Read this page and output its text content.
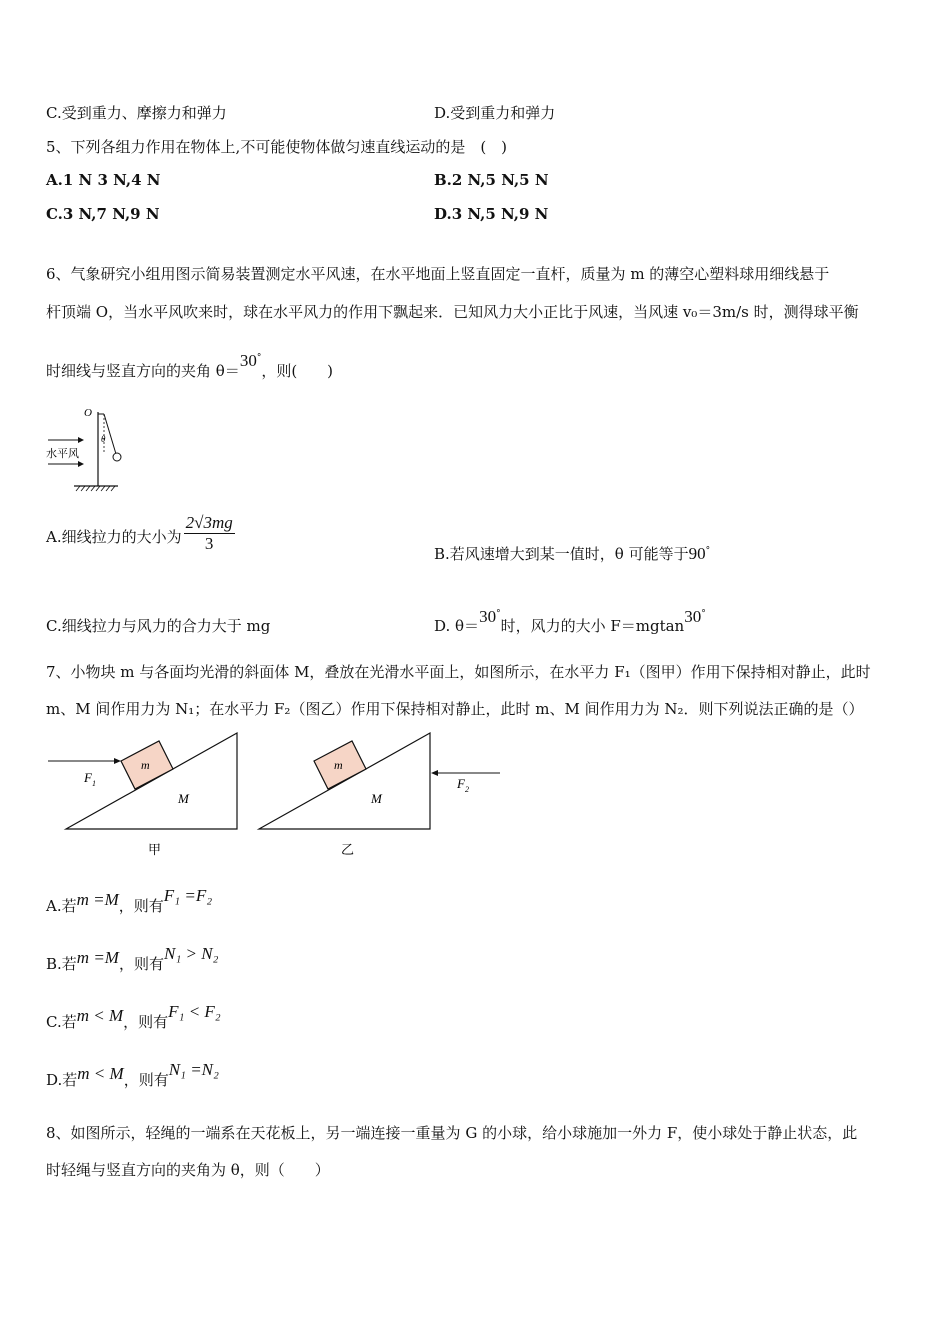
C.受到重力、摩擦力和弹力	D.受到重力和弹力
5、下列各组力作用在物体上,不可能使物体做匀速直线运动的是　(　)
A.1 N 3 N,4 N	B.2 N,5 N,5 N
C.3 N,7 N,9 N	D.3 N,5 N,9 N
6、气象研究小组用图示简易装置测定水平风速，在水平地面上竖直固定一直杆，质量为 m 的薄空心塑料球用细线悬于
杆顶端 O，当水平风吹来时，球在水平风力的作用下飘起来．已知风力大小正比于风速，当风速 v₀＝3m/s 时，测得球平衡
时细线与竖直方向的夹角 θ＝30°，则(　　)
O
θ
水平风
A.细线拉力的大小为 $\frac{2√3mg}{3}$	B.若风速增大到某一值时，θ 可能等于90°
C.细线拉力与风力的合力大于 mg	D. θ＝30°时，风力的大小 F＝mgtan30°
7、小物块 m 与各面均光滑的斜面体 M，叠放在光滑水平面上，如图所示，在水平力 F₁（图甲）作用下保持相对静止，此时
m、M 间作用力为 N₁；在水平力 F₂（图乙）作用下保持相对静止，此时 m、M 间作用力为 N₂．则下列说法正确的是（）
m
M
$F_1$
甲
m
M
$F_2$
乙
A.若m =M，则有F₁ =F₂
B.若m =M，则有N₁ > N₂
C.若m < M，则有F₁ < F₂
D.若m < M，则有N₁ =N₂
8、如图所示，轻绳的一端系在天花板上，另一端连接一重量为 G 的小球，给小球施加一外力 F，使小球处于静止状态，此
时轻绳与竖直方向的夹角为 θ，则（　　）
